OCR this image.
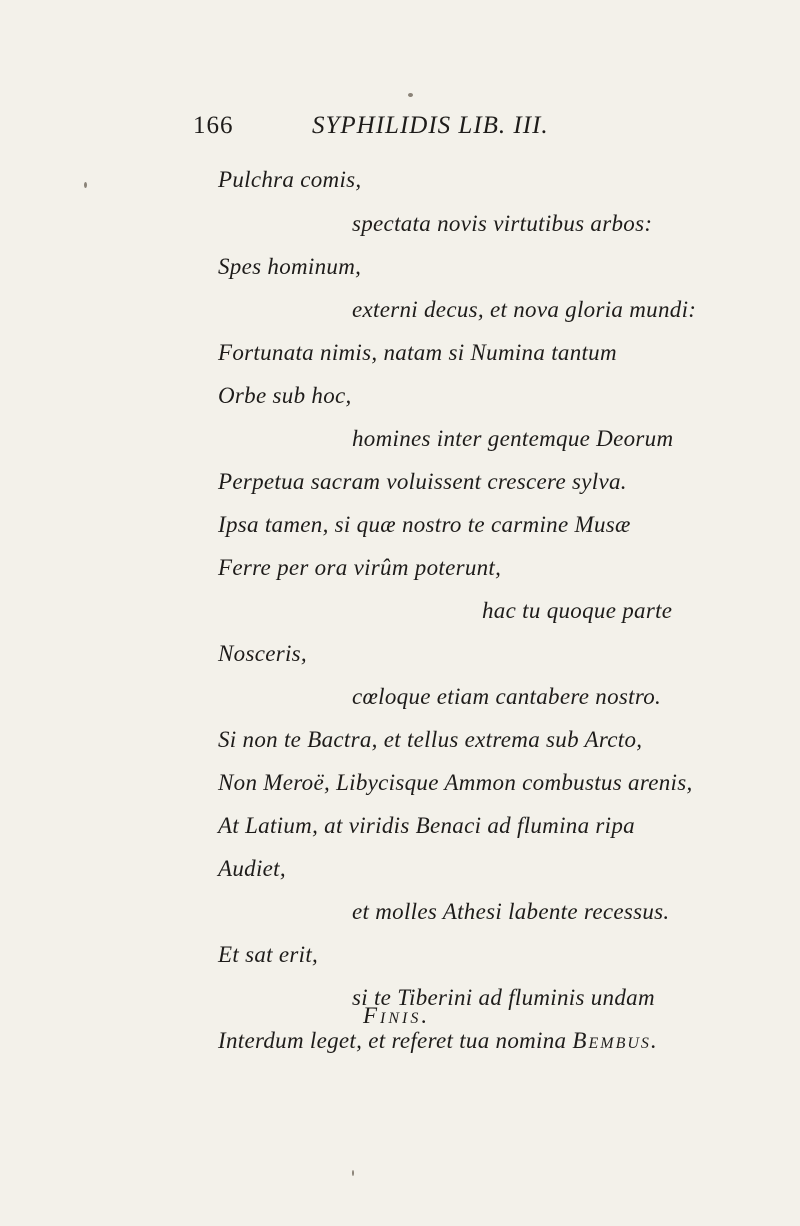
166	SYPHILIDIS LIB. III.
Pulchra comis,
spectata novis virtutibus arbos:
Spes hominum,
externi decus, et nova gloria mundi:
Fortunata nimis, natam si Numina tantum
Orbe sub hoc,
homines inter gentemque Deorum
Perpetua sacram voluissent crescere sylva.
Ipsa tamen, si quæ nostro te carmine Musæ
Ferre per ora virûm poterunt,
hac tu quoque parte
Nosceris,
cœloque etiam cantabere nostro.
Si non te Bactra, et tellus extrema sub Arcto,
Non Meroë, Libycisque Ammon combustus arenis,
At Latium, at viridis Benaci ad flumina ripa
Audiet,
et molles Athesi labente recessus.
Et sat erit,
si te Tiberini ad fluminis undam
Interdum leget, et referet tua nomina Bembus.
Finis.
